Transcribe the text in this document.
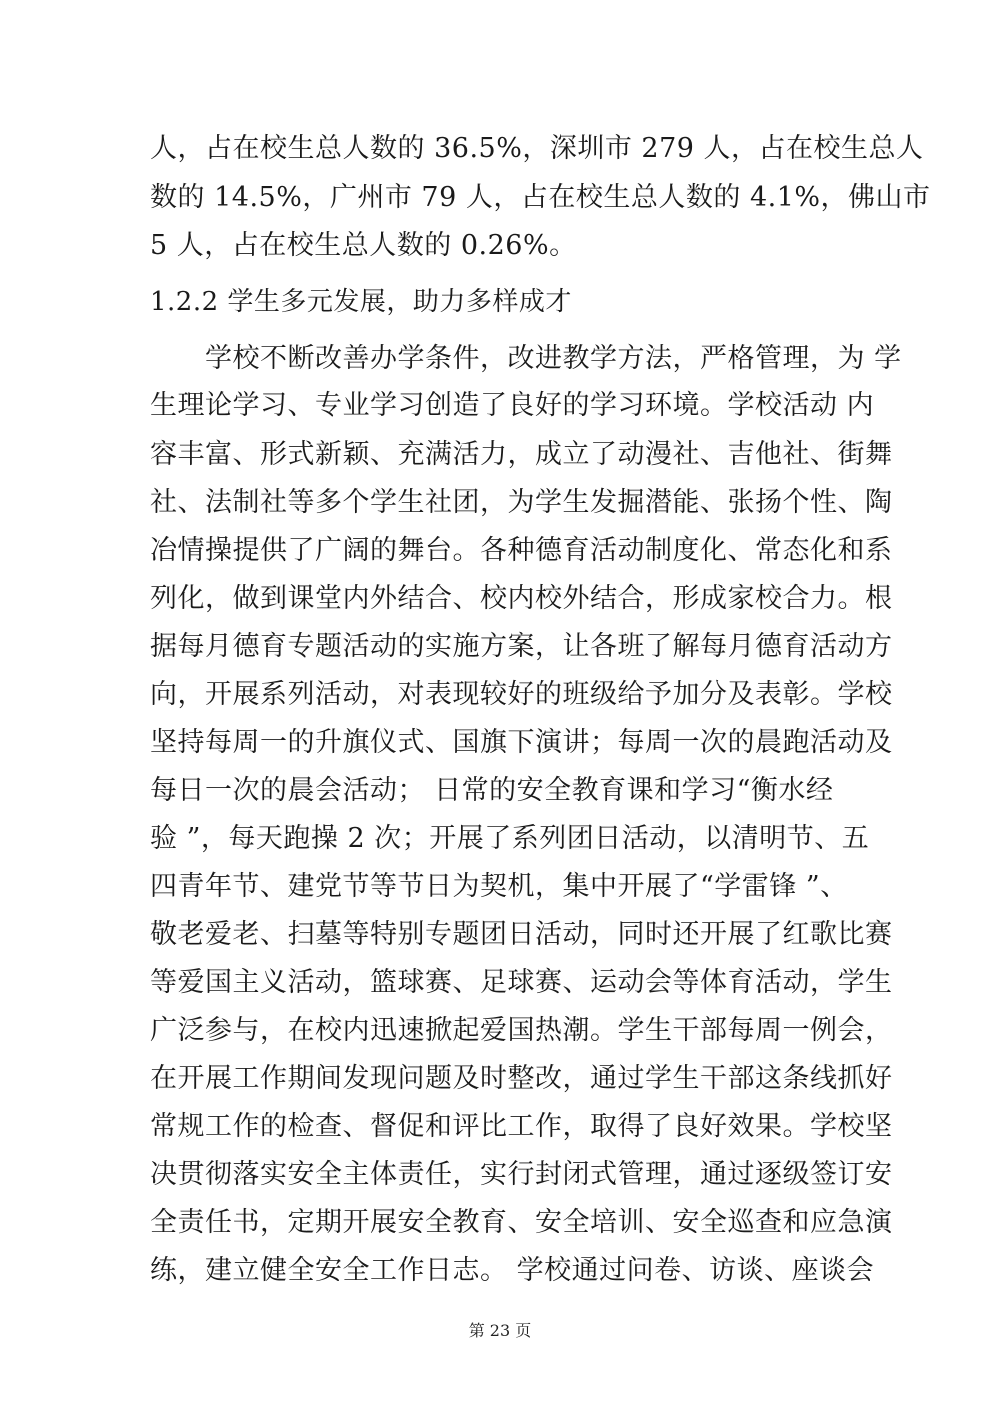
人，占在校生总人数的 36.5%，深圳市 279 人，占在校生总人
数的 14.5%，广州市 79 人，占在校生总人数的 4.1%，佛山市
5 人，占在校生总人数的 0.26%。
1.2.2 学生多元发展，助力多样成才
学校不断改善办学条件，改进教学方法，严格管理，为 学
生理论学习、专业学习创造了良好的学习环境。学校活动 内
容丰富、形式新颖、充满活力，成立了动漫社、吉他社、街舞
社、法制社等多个学生社团，为学生发掘潜能、张扬个性、陶
冶情操提供了广阔的舞台。各种德育活动制度化、常态化和系
列化，做到课堂内外结合、校内校外结合，形成家校合力。根
据每月德育专题活动的实施方案，让各班了解每月德育活动方
向，开展系列活动，对表现较好的班级给予加分及表彰。学校
坚持每周一的升旗仪式、国旗下演讲；每周一次的晨跑活动及
每日一次的晨会活动； 日常的安全教育课和学习“衡水经
验 ”，每天跑操 2 次；开展了系列团日活动，以清明节、五
四青年节、建党节等节日为契机，集中开展了“学雷锋 ”、
敬老爱老、扫墓等特别专题团日活动，同时还开展了红歌比赛
等爱国主义活动，篮球赛、足球赛、运动会等体育活动，学生
广泛参与，在校内迅速掀起爱国热潮。学生干部每周一例会，
在开展工作期间发现问题及时整改，通过学生干部这条线抓好
常规工作的检查、督促和评比工作，取得了良好效果。学校坚
决贯彻落实安全主体责任，实行封闭式管理，通过逐级签订安
全责任书，定期开展安全教育、安全培训、安全巡查和应急演
练，建立健全安全工作日志。 学校通过问卷、访谈、座谈会
第 23 页
